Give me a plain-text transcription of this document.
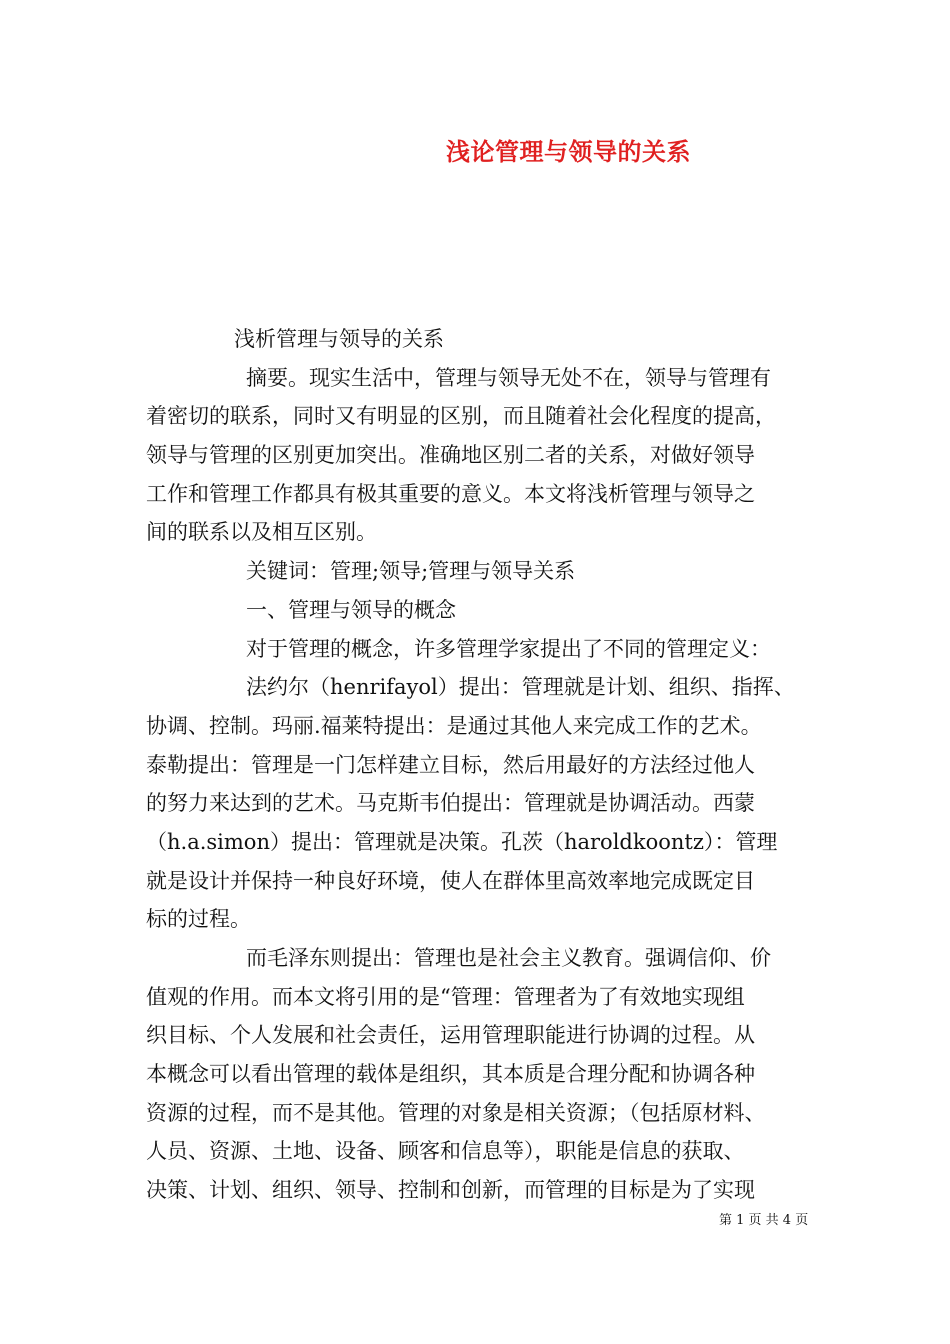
浅论管理与领导的关系
浅析管理与领导的关系
摘要。现实生活中，管理与领导无处不在，领导与管理有
着密切的联系，同时又有明显的区别，而且随着社会化程度的提高，
领导与管理的区别更加突出。准确地区别二者的关系，对做好领导
工作和管理工作都具有极其重要的意义。本文将浅析管理与领导之
间的联系以及相互区别。
关键词：管理;领导;管理与领导关系
一、管理与领导的概念
对于管理的概念，许多管理学家提出了不同的管理定义：
法约尔（henrifayol）提出：管理就是计划、组织、指挥、
协调、控制。玛丽.福莱特提出：是通过其他人来完成工作的艺术。
泰勒提出：管理是一门怎样建立目标，然后用最好的方法经过他人
的努力来达到的艺术。马克斯韦伯提出：管理就是协调活动。西蒙
（h.a.simon）提出：管理就是决策。孔茨（haroldkoontz）：管理
就是设计并保持一种良好环境，使人在群体里高效率地完成既定目
标的过程。
而毛泽东则提出：管理也是社会主义教育。强调信仰、价
值观的作用。而本文将引用的是“管理：管理者为了有效地实现组
织目标、个人发展和社会责任，运用管理职能进行协调的过程。从
本概念可以看出管理的载体是组织，其本质是合理分配和协调各种
资源的过程，而不是其他。管理的对象是相关资源；（包括原材料、
人员、资源、土地、设备、顾客和信息等），职能是信息的获取、
决策、计划、组织、领导、控制和创新，而管理的目标是为了实现
第 1 页 共 4 页
